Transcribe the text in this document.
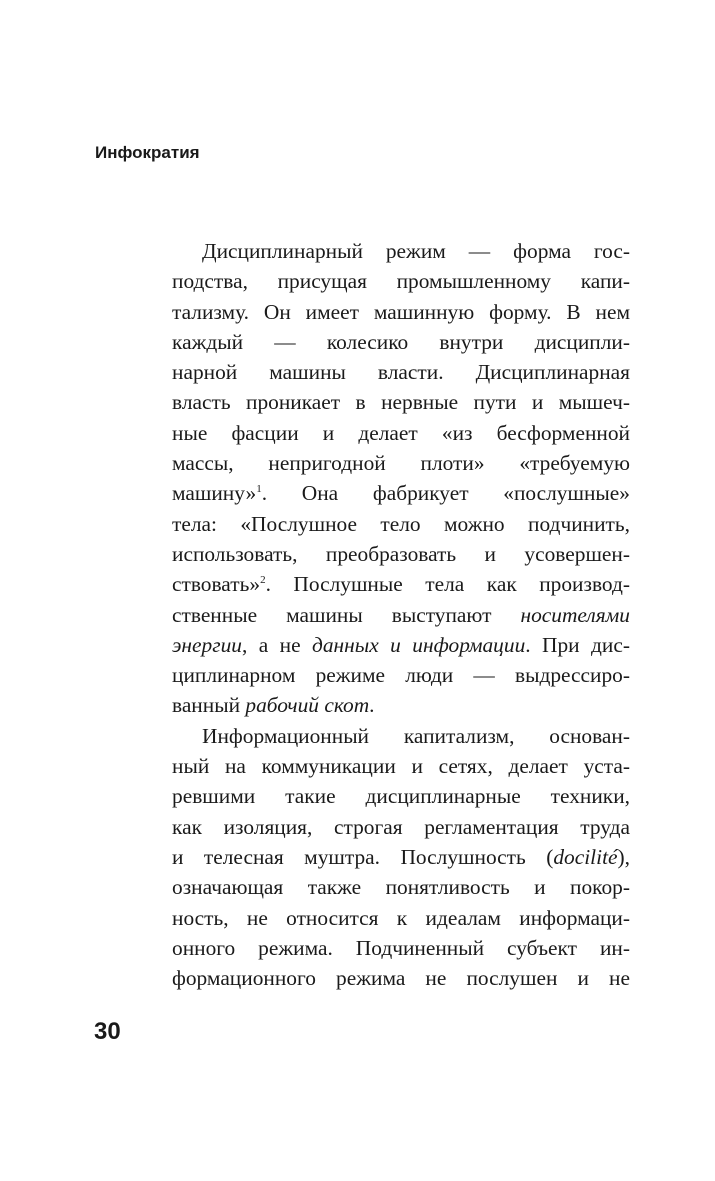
Инфократия
Дисциплинарный режим — форма гос-
подства, присущая промышленному капи-
тализму. Он имеет машинную форму. В нем
каждый — колесико внутри дисципли-
нарной машины власти. Дисциплинарная
власть проникает в нервные пути и мышеч-
ные фасции и делает «из бесформенной
массы, непригодной плоти» «требуемую
машину»$^1$. Она фабрикует «послушные»
тела: «Послушное тело можно подчинить,
использовать, преобразовать и усовершен-
ствовать»$^2$. Послушные тела как производ-
ственные машины выступают носителями
энергии, а не данных и информации. При дис-
циплинарном режиме люди — выдрессиро-
ванный рабочий скот.
Информационный капитализм, основан-
ный на коммуникации и сетях, делает уста-
ревшими такие дисциплинарные техники,
как изоляция, строгая регламентация труда
и телесная муштра. Послушность (docilité),
означающая также понятливость и покор-
ность, не относится к идеалам информаци-
онного режима. Подчиненный субъект ин-
формационного режима не послушен и не
30
